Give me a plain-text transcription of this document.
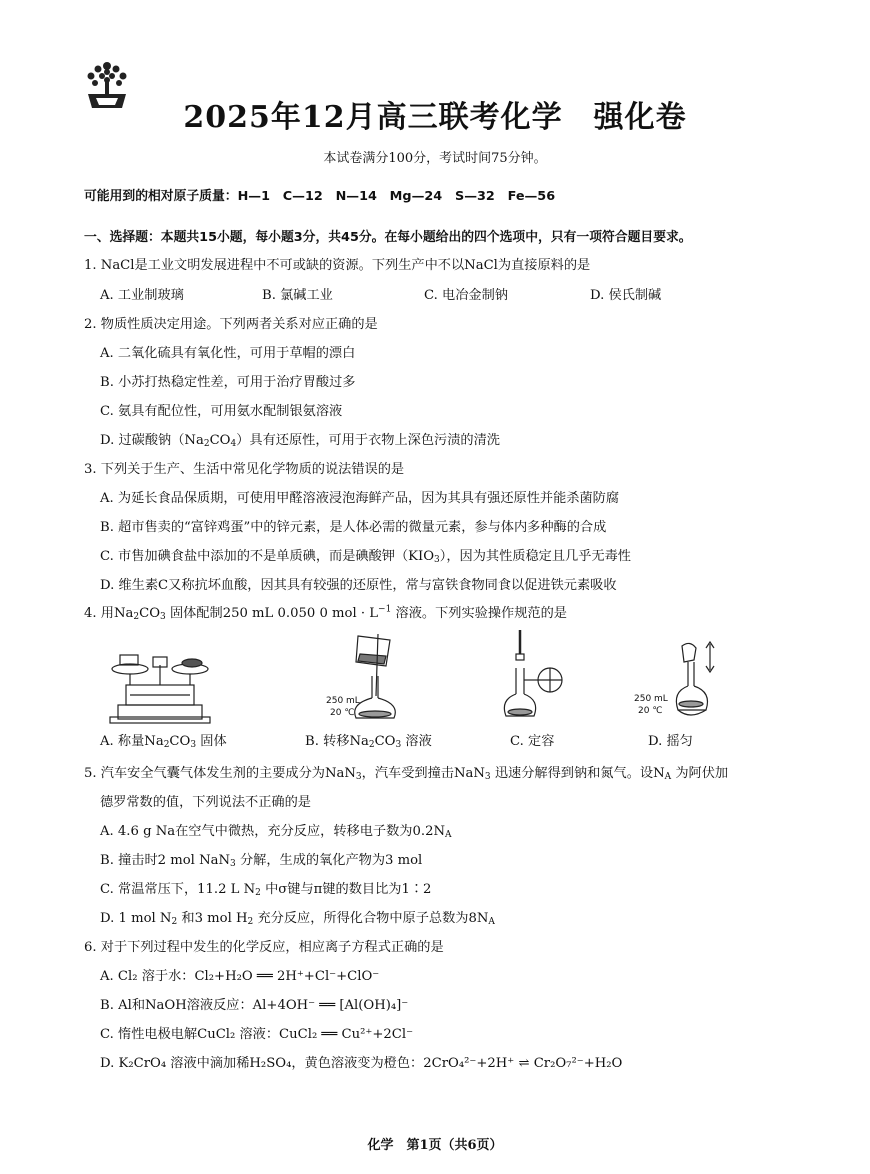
2025年12月高三联考化学　强化卷
本试卷满分100分，考试时间75分钟。
可能用到的相对原子质量：H—1　C—12　N—14　Mg—24　S—32　Fe—56
一、选择题：本题共15小题，每小题3分，共45分。在每小题给出的四个选项中，只有一项符合题目要求。
1. NaCl是工业文明发展进程中不可或缺的资源。下列生产中不以NaCl为直接原料的是
A. 工业制玻璃	B. 氯碱工业	C. 电冶金制钠	D. 侯氏制碱
2. 物质性质决定用途。下列两者关系对应正确的是
A. 二氧化硫具有氧化性，可用于草帽的漂白
B. 小苏打热稳定性差，可用于治疗胃酸过多
C. 氨具有配位性，可用氨水配制银氨溶液
D. 过碳酸钠$(Na_2CO_4)$具有还原性，可用于衣物上深色污渍的清洗
3. 下列关于生产、生活中常见化学物质的说法错误的是
A. 为延长食品保质期，可使用甲醛溶液浸泡海鲜产品，因为其具有强还原性并能杀菌防腐
B. 超市售卖的“富锌鸡蛋”中的锌元素，是人体必需的微量元素，参与体内多种酶的合成
C. 市售加碘食盐中添加的不是单质碘，而是碘酸钾$(KIO_3)$，因为其性质稳定且几乎无毒性
D. 维生素C又称抗坏血酸，因其具有较强的还原性，常与富铁食物同食以促进铁元素吸收
4. 用$Na_2CO_3$ 固体配制250 mL 0.050 0 mol · $L^{-1}$ 溶液。下列实验操作规范的是
250 mL
20 ℃
250 mL
20 ℃
A. 称量$Na_2CO_3$ 固体	B. 转移$Na_2CO_3$ 溶液	C. 定容	D. 摇匀
5. 汽车安全气囊气体发生剂的主要成分为NaN$_3$，汽车受到撞击NaN$_3$ 迅速分解得到钠和氮气。设$N_A$ 为阿伏加
德罗常数的值，下列说法不正确的是
A. 4.6 g Na在空气中微热，充分反应，转移电子数为$0.2N_A$
B. 撞击时2 mol NaN$_3$ 分解，生成的氧化产物为3 mol
C. 常温常压下，11.2 L $N_2$ 中σ键与π键的数目比为1∶2
D. 1 mol $N_2$ 和3 mol $H_2$ 充分反应，所得化合物中原子总数为$8N_A$
6. 对于下列过程中发生的化学反应，相应离子方程式正确的是
A. Cl₂ 溶于水：Cl₂+H₂O ══ 2H⁺+Cl⁻+ClO⁻
B. Al和NaOH溶液反应：Al+4OH⁻ ══ [Al(OH)₄]⁻
C. 惰性电极电解CuCl₂ 溶液：CuCl₂ ══ Cu²⁺+2Cl⁻
D. K₂CrO₄ 溶液中滴加稀H₂SO₄，黄色溶液变为橙色：2CrO₄²⁻+2H⁺ ⇌ Cr₂O₇²⁻+H₂O
化学　第1页（共6页）
